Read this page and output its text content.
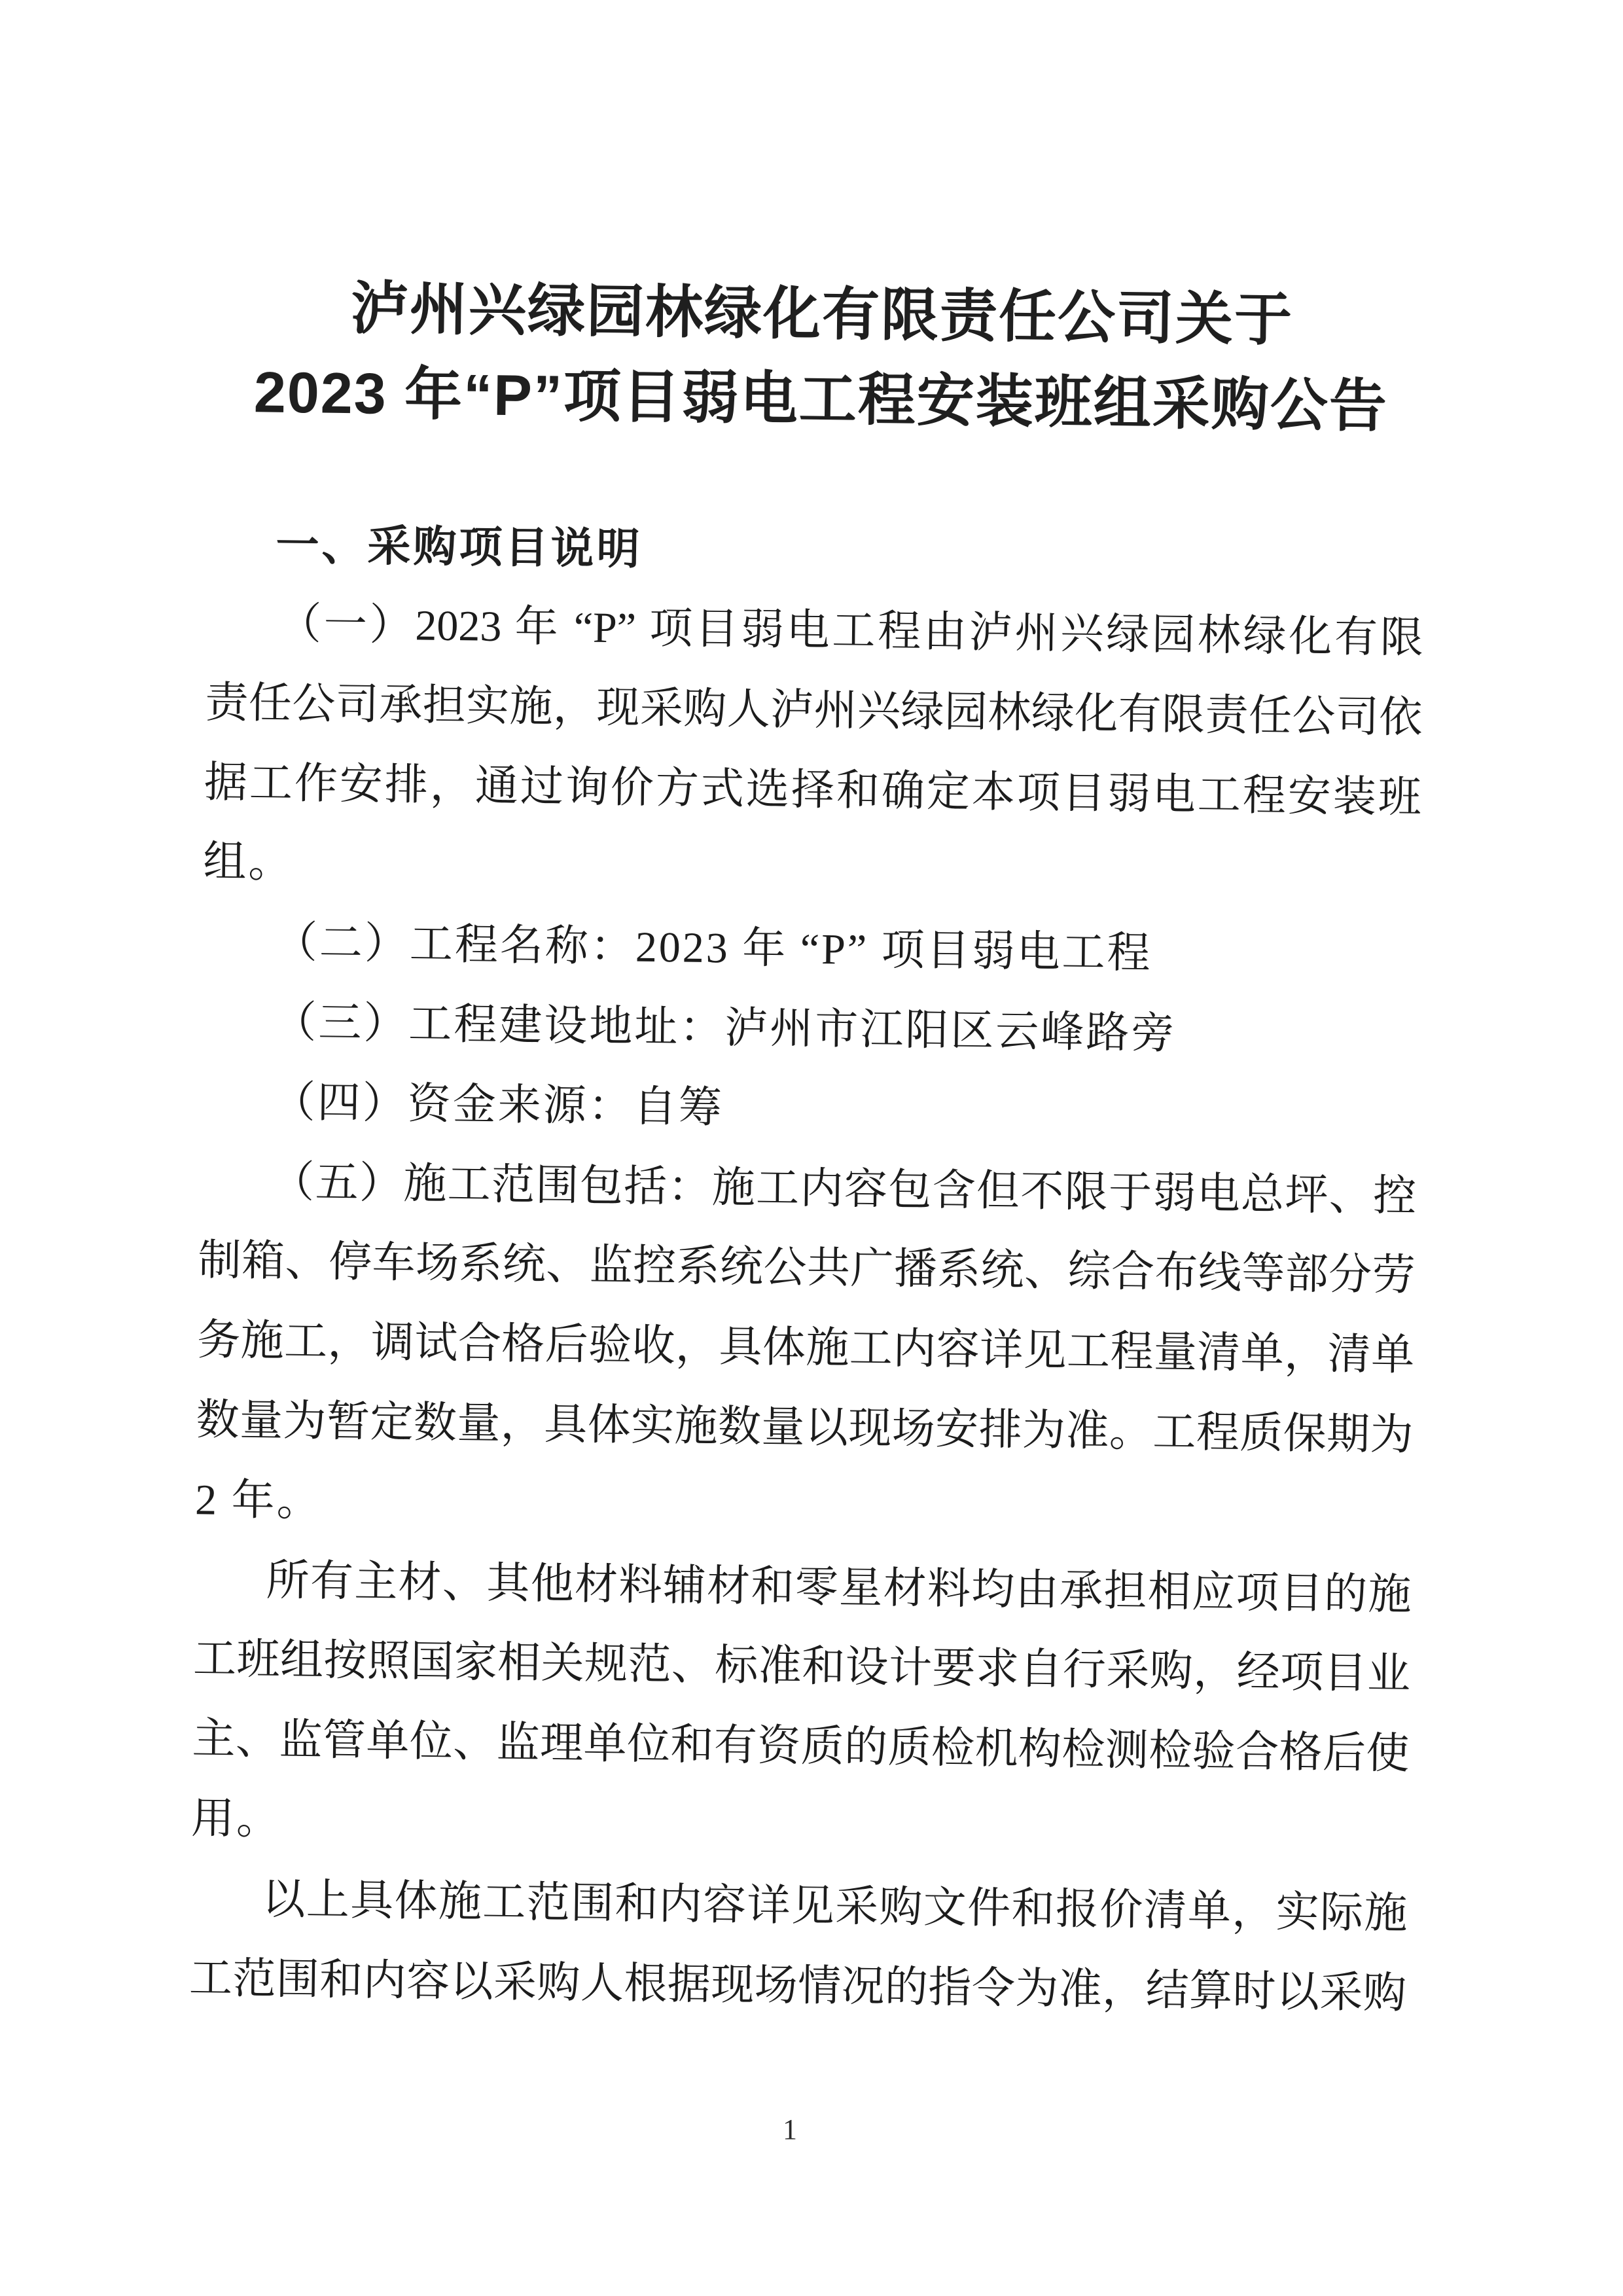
泸州兴绿园林绿化有限责任公司关于
2023 年“P”项目弱电工程安装班组采购公告
一、采购项目说明
（一）2023 年 “P” 项目弱电工程由泸州兴绿园林绿化有限
责任公司承担实施，现采购人泸州兴绿园林绿化有限责任公司依
据工作安排，通过询价方式选择和确定本项目弱电工程安装班
组。
（二）工程名称：2023 年 “P” 项目弱电工程
（三）工程建设地址：泸州市江阳区云峰路旁
（四）资金来源：自筹
（五）施工范围包括：施工内容包含但不限于弱电总坪、控
制箱、停车场系统、监控系统公共广播系统、综合布线等部分劳
务施工，调试合格后验收，具体施工内容详见工程量清单，清单
数量为暂定数量，具体实施数量以现场安排为准。工程质保期为
2 年。
所有主材、其他材料辅材和零星材料均由承担相应项目的施
工班组按照国家相关规范、标准和设计要求自行采购，经项目业
主、监管单位、监理单位和有资质的质检机构检测检验合格后使
用。
以上具体施工范围和内容详见采购文件和报价清单，实际施
工范围和内容以采购人根据现场情况的指令为准，结算时以采购
1
